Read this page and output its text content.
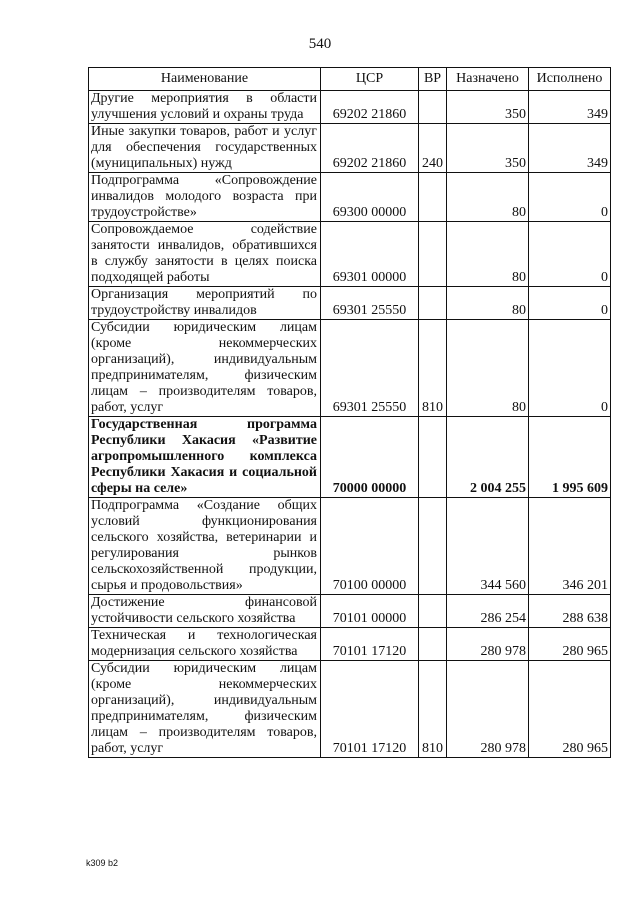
540
Наименование	ЦСР	ВР	Назначено	Исполнено
Другие мероприятия в области улучшения условий и охраны труда	69202 21860		350	349
Иные закупки товаров, работ и услуг для обеспечения государственных (муниципальных) нужд	69202 21860	240	350	349
Подпрограмма «Сопровождение инвалидов молодого возраста при трудоустройстве»	69300 00000		80	0
Сопровождаемое содействие занятости инвалидов, обратившихся в службу занятости в целях поиска подходящей работы	69301 00000		80	0
Организация мероприятий по трудоустройству инвалидов	69301 25550		80	0
Субсидии юридическим лицам (кроме некоммерческих организаций), индивидуальным предпринимателям, физическим лицам – производителям товаров, работ, услуг	69301 25550	810	80	0
Государственная программа Республики Хакасия «Развитие агропромышленного комплекса Республики Хакасия и социальной сферы на селе»	70000 00000		2 004 255	1 995 609
Подпрограмма «Создание общих условий функционирования сельского хозяйства, ветеринарии и регулирования рынков сельскохозяйственной продукции, сырья и продовольствия»	70100 00000		344 560	346 201
Достижение финансовой устойчивости сельского хозяйства	70101 00000		286 254	288 638
Техническая и технологическая модернизация сельского хозяйства	70101 17120		280 978	280 965
Субсидии юридическим лицам (кроме некоммерческих организаций), индивидуальным предпринимателям, физическим лицам – производителям товаров, работ, услуг	70101 17120	810	280 978	280 965
k309 b2
